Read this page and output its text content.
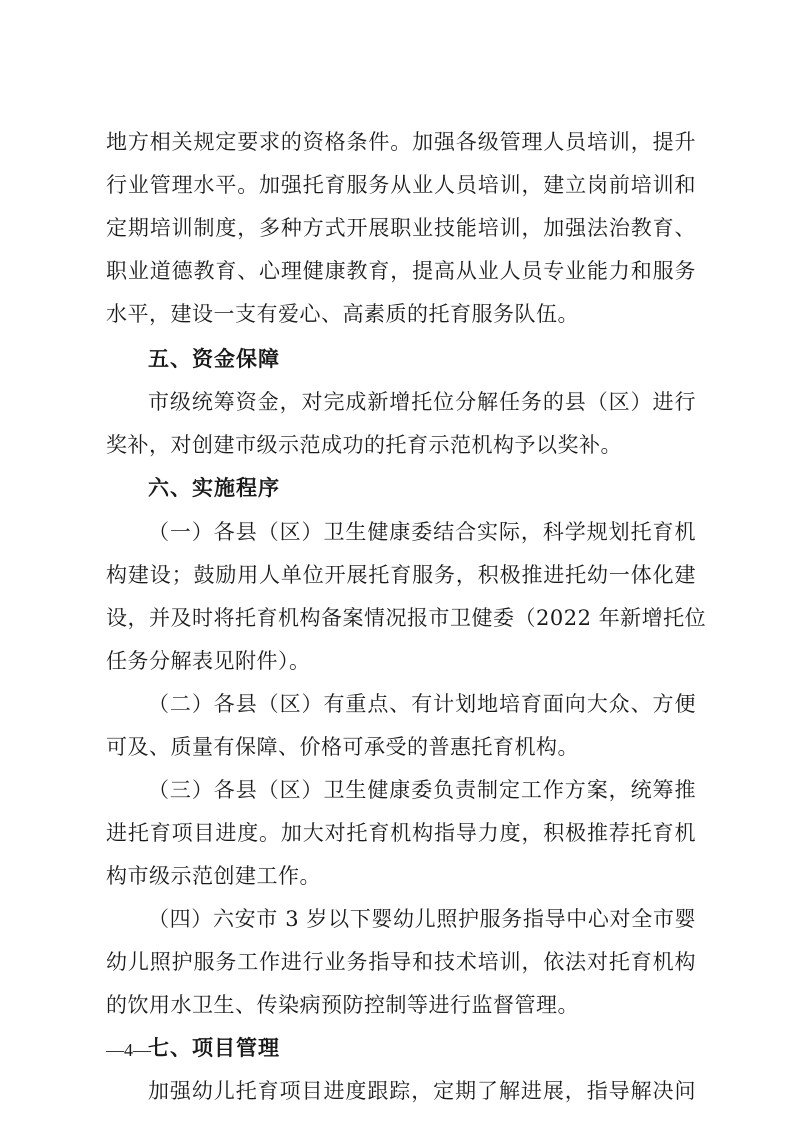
地方相关规定要求的资格条件。加强各级管理人员培训，提升
行业管理水平。加强托育服务从业人员培训，建立岗前培训和
定期培训制度，多种方式开展职业技能培训，加强法治教育、
职业道德教育、心理健康教育，提高从业人员专业能力和服务
水平，建设一支有爱心、高素质的托育服务队伍。
五、资金保障
市级统筹资金，对完成新增托位分解任务的县（区）进行
奖补，对创建市级示范成功的托育示范机构予以奖补。
六、实施程序
（一）各县（区）卫生健康委结合实际，科学规划托育机
构建设；鼓励用人单位开展托育服务，积极推进托幼一体化建
设，并及时将托育机构备案情况报市卫健委（2022 年新增托位
任务分解表见附件）。
（二）各县（区）有重点、有计划地培育面向大众、方便
可及、质量有保障、价格可承受的普惠托育机构。
（三）各县（区）卫生健康委负责制定工作方案，统筹推
进托育项目进度。加大对托育机构指导力度，积极推荐托育机
构市级示范创建工作。
（四）六安市 3 岁以下婴幼儿照护服务指导中心对全市婴
幼儿照护服务工作进行业务指导和技术培训，依法对托育机构
的饮用水卫生、传染病预防控制等进行监督管理。
七、项目管理
加强幼儿托育项目进度跟踪，定期了解进展，指导解决问
—4—
